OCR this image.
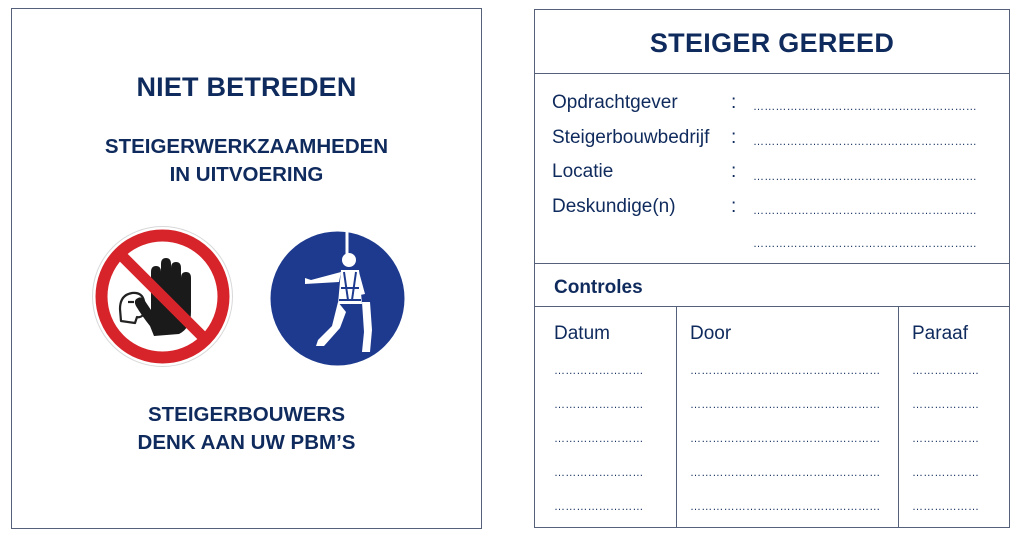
NIET BETREDEN
STEIGERWERKZAAMHEDEN
IN UITVOERING
STEIGERBOUWERS
DENK AAN UW PBM’S
STEIGER GEREED
Opdrachtgever	: ……………………………………………………
Steigerbouwbedrijf : ……………………………………………………
Locatie	: ……………………………………………………
Deskundige(n)	: ……………………………………………………
……………………………………………………
Controles
Datum	Door	Paraaf
……………………	……………………………………………	………………
……………………	……………………………………………	………………
……………………	……………………………………………	………………
……………………	……………………………………………	………………
……………………	……………………………………………	………………
